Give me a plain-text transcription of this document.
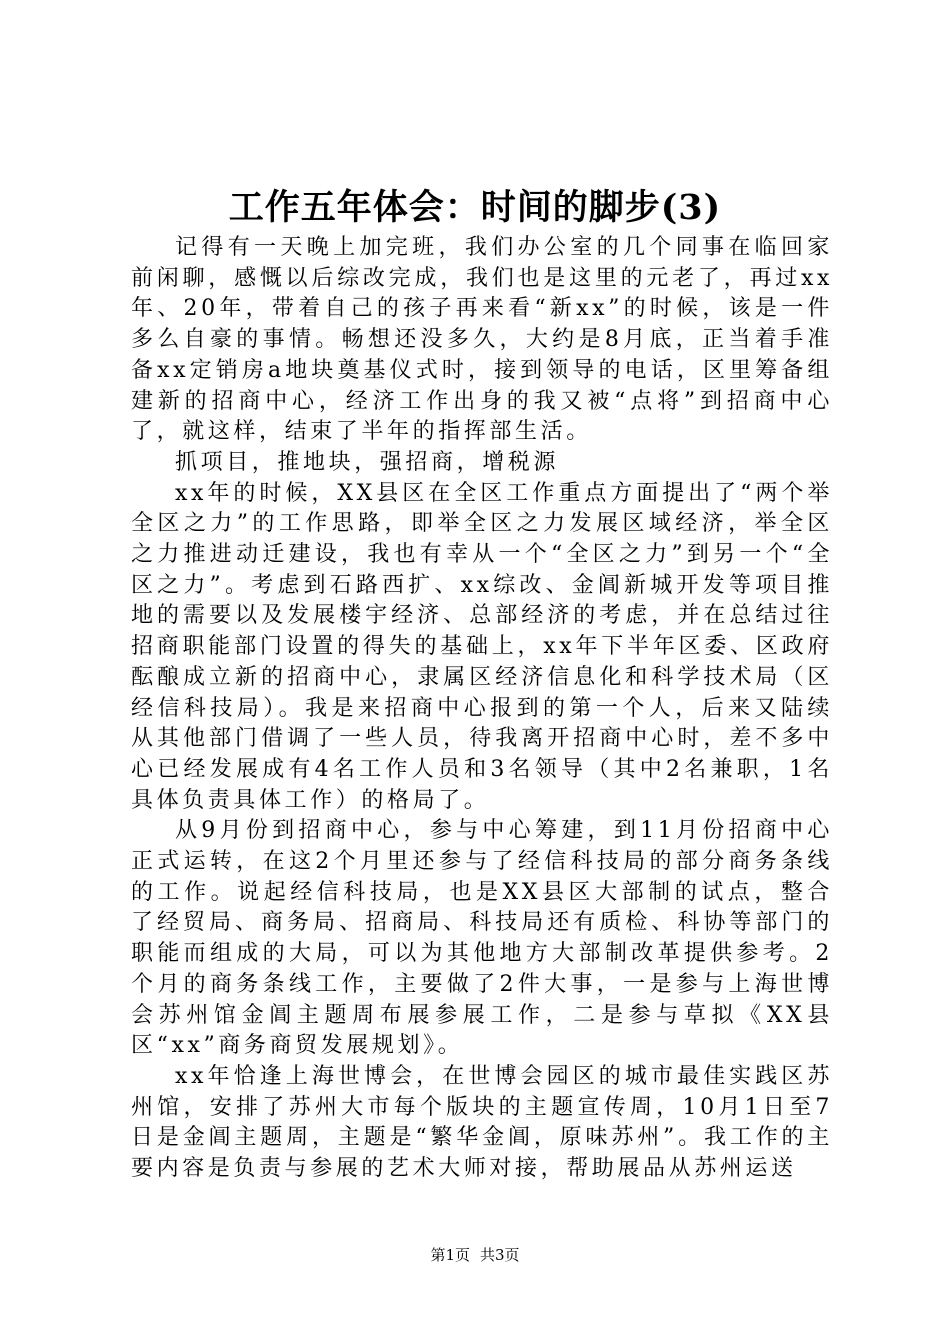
工作五年体会：时间的脚步(3)

记得有一天晚上加完班，我们办公室的几个同事在临回家前闲聊，感慨以后综改完成，我们也是这里的元老了，再过xx年、20年，带着自己的孩子再来看“新xx”的时候，该是一件多么自豪的事情。畅想还没多久，大约是8月底，正当着手准备xx定销房a地块奠基仪式时，接到领导的电话，区里筹备组建新的招商中心，经济工作出身的我又被“点将”到招商中心了，就这样，结束了半年的指挥部生活。

抓项目，推地块，强招商，增税源

xx年的时候，XX县区在全区工作重点方面提出了“两个举全区之力”的工作思路，即举全区之力发展区域经济，举全区之力推进动迁建设，我也有幸从一个“全区之力”到另一个“全区之力”。考虑到石路西扩、xx综改、金阊新城开发等项目推地的需要以及发展楼宇经济、总部经济的考虑，并在总结过往招商职能部门设置的得失的基础上，xx年下半年区委、区政府酝酿成立新的招商中心，隶属区经济信息化和科学技术局（区经信科技局）。我是来招商中心报到的第一个人，后来又陆续从其他部门借调了一些人员，待我离开招商中心时，差不多中心已经发展成有4名工作人员和3名领导（其中2名兼职，1名具体负责具体工作）的格局了。

从9月份到招商中心，参与中心筹建，到11月份招商中心正式运转，在这2个月里还参与了经信科技局的部分商务条线的工作。说起经信科技局，也是XX县区大部制的试点，整合了经贸局、商务局、招商局、科技局还有质检、科协等部门的职能而组成的大局，可以为其他地方大部制改革提供参考。2个月的商务条线工作，主要做了2件大事，一是参与上海世博会苏州馆金阊主题周布展参展工作，二是参与草拟《XX县区“xx”商务商贸发展规划》。

xx年恰逢上海世博会，在世博会园区的城市最佳实践区苏州馆，安排了苏州大市每个版块的主题宣传周，10月1日至7日是金阊主题周，主题是“繁华金阊，原味苏州”。我工作的主要内容是负责与参展的艺术大师对接，帮助展品从苏州运送

第1页 共3页
